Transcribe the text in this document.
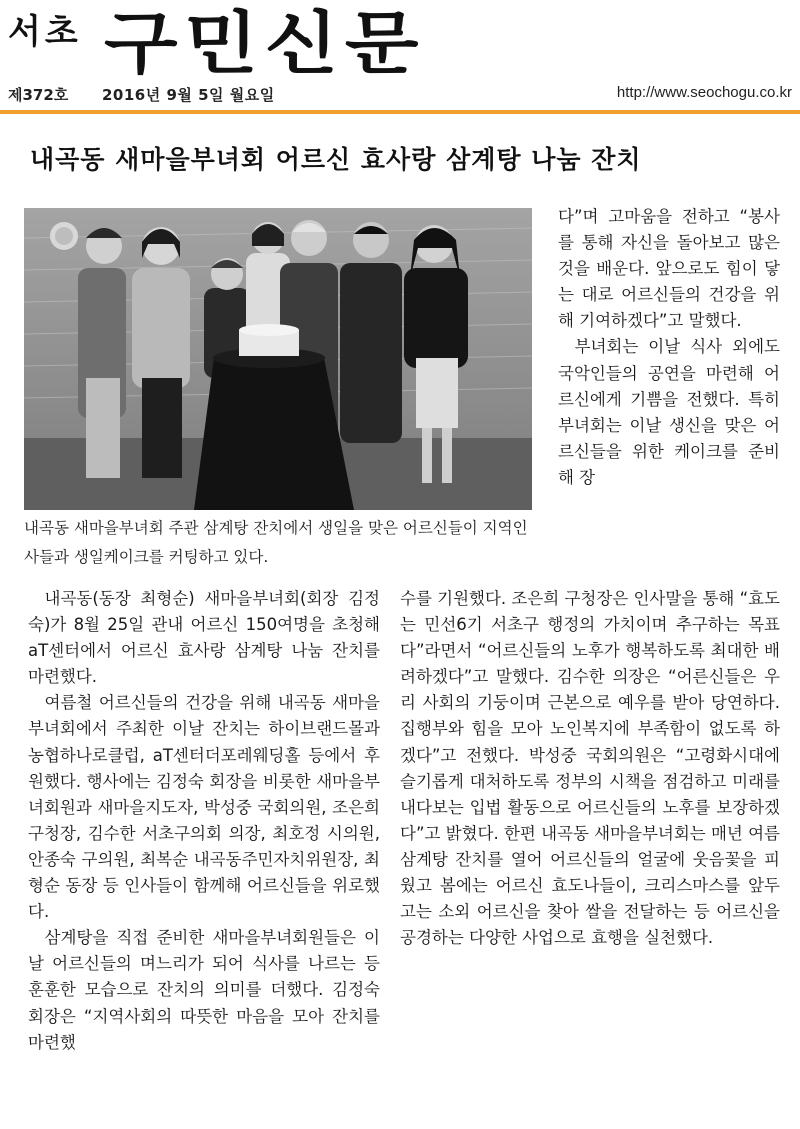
서초 구민신문
제372호 2016년 9월 5일 월요일	http://www.seochogu.co.kr
내곡동 새마을부녀회 어르신 효사랑 삼계탕 나눔 잔치
내곡동 새마을부녀회 주관 삼계탕 잔치에서 생일을 맞은 어르신들이 지역인사들과 생일케이크를 커팅하고 있다.

다”며 고마움을 전하고 “봉사를 통해 자신을 돌아보고 많은 것을 배운다. 앞으로도 힘이 닿는 대로 어르신들의 건강을 위해 기여하겠다”고 말했다.

부녀회는 이날 식사 외에도 국악인들의 공연을 마련해 어르신에게 기쁨을 전했다. 특히 부녀회는 이날 생신을 맞은 어르신들을 위한 케이크를 준비해 장

내곡동(동장 최형순) 새마을부녀회(회장 김정숙)가 8월 25일 관내 어르신 150여명을 초청해 aT센터에서 어르신 효사랑 삼계탕 나눔 잔치를 마련했다.

여름철 어르신들의 건강을 위해 내곡동 새마을부녀회에서 주최한 이날 잔치는 하이브랜드몰과 농협하나로클럽, aT센터더포레웨딩홀 등에서 후원했다. 행사에는 김정숙 회장을 비롯한 새마을부녀회원과 새마을지도자, 박성중 국회의원, 조은희 구청장, 김수한 서초구의회 의장, 최호정 시의원, 안종숙 구의원, 최복순 내곡동주민자치위원장, 최형순 동장 등 인사들이 함께해 어르신들을 위로했다.

삼계탕을 직접 준비한 새마을부녀회원들은 이날 어르신들의 며느리가 되어 식사를 나르는 등 훈훈한 모습으로 잔치의 의미를 더했다. 김정숙 회장은 “지역사회의 따뜻한 마음을 모아 잔치를 마련했

수를 기원했다. 조은희 구청장은 인사말을 통해 “효도는 민선6기 서초구 행정의 가치이며 추구하는 목표다”라면서 “어르신들의 노후가 행복하도록 최대한 배려하겠다”고 말했다. 김수한 의장은 “어른신들은 우리 사회의 기둥이며 근본으로 예우를 받아 당연하다. 집행부와 힘을 모아 노인복지에 부족함이 없도록 하겠다”고 전했다. 박성중 국회의원은 “고령화시대에 슬기롭게 대처하도록 정부의 시책을 점검하고 미래를 내다보는 입법 활동으로 어르신들의 노후를 보장하겠다”고 밝혔다. 한편 내곡동 새마을부녀회는 매년 여름 삼계탕 잔치를 열어 어르신들의 얼굴에 웃음꽃을 피웠고 봄에는 어르신 효도나들이, 크리스마스를 앞두고는 소외 어르신을 찾아 쌀을 전달하는 등 어르신을 공경하는 다양한 사업으로 효행을 실천했다.
